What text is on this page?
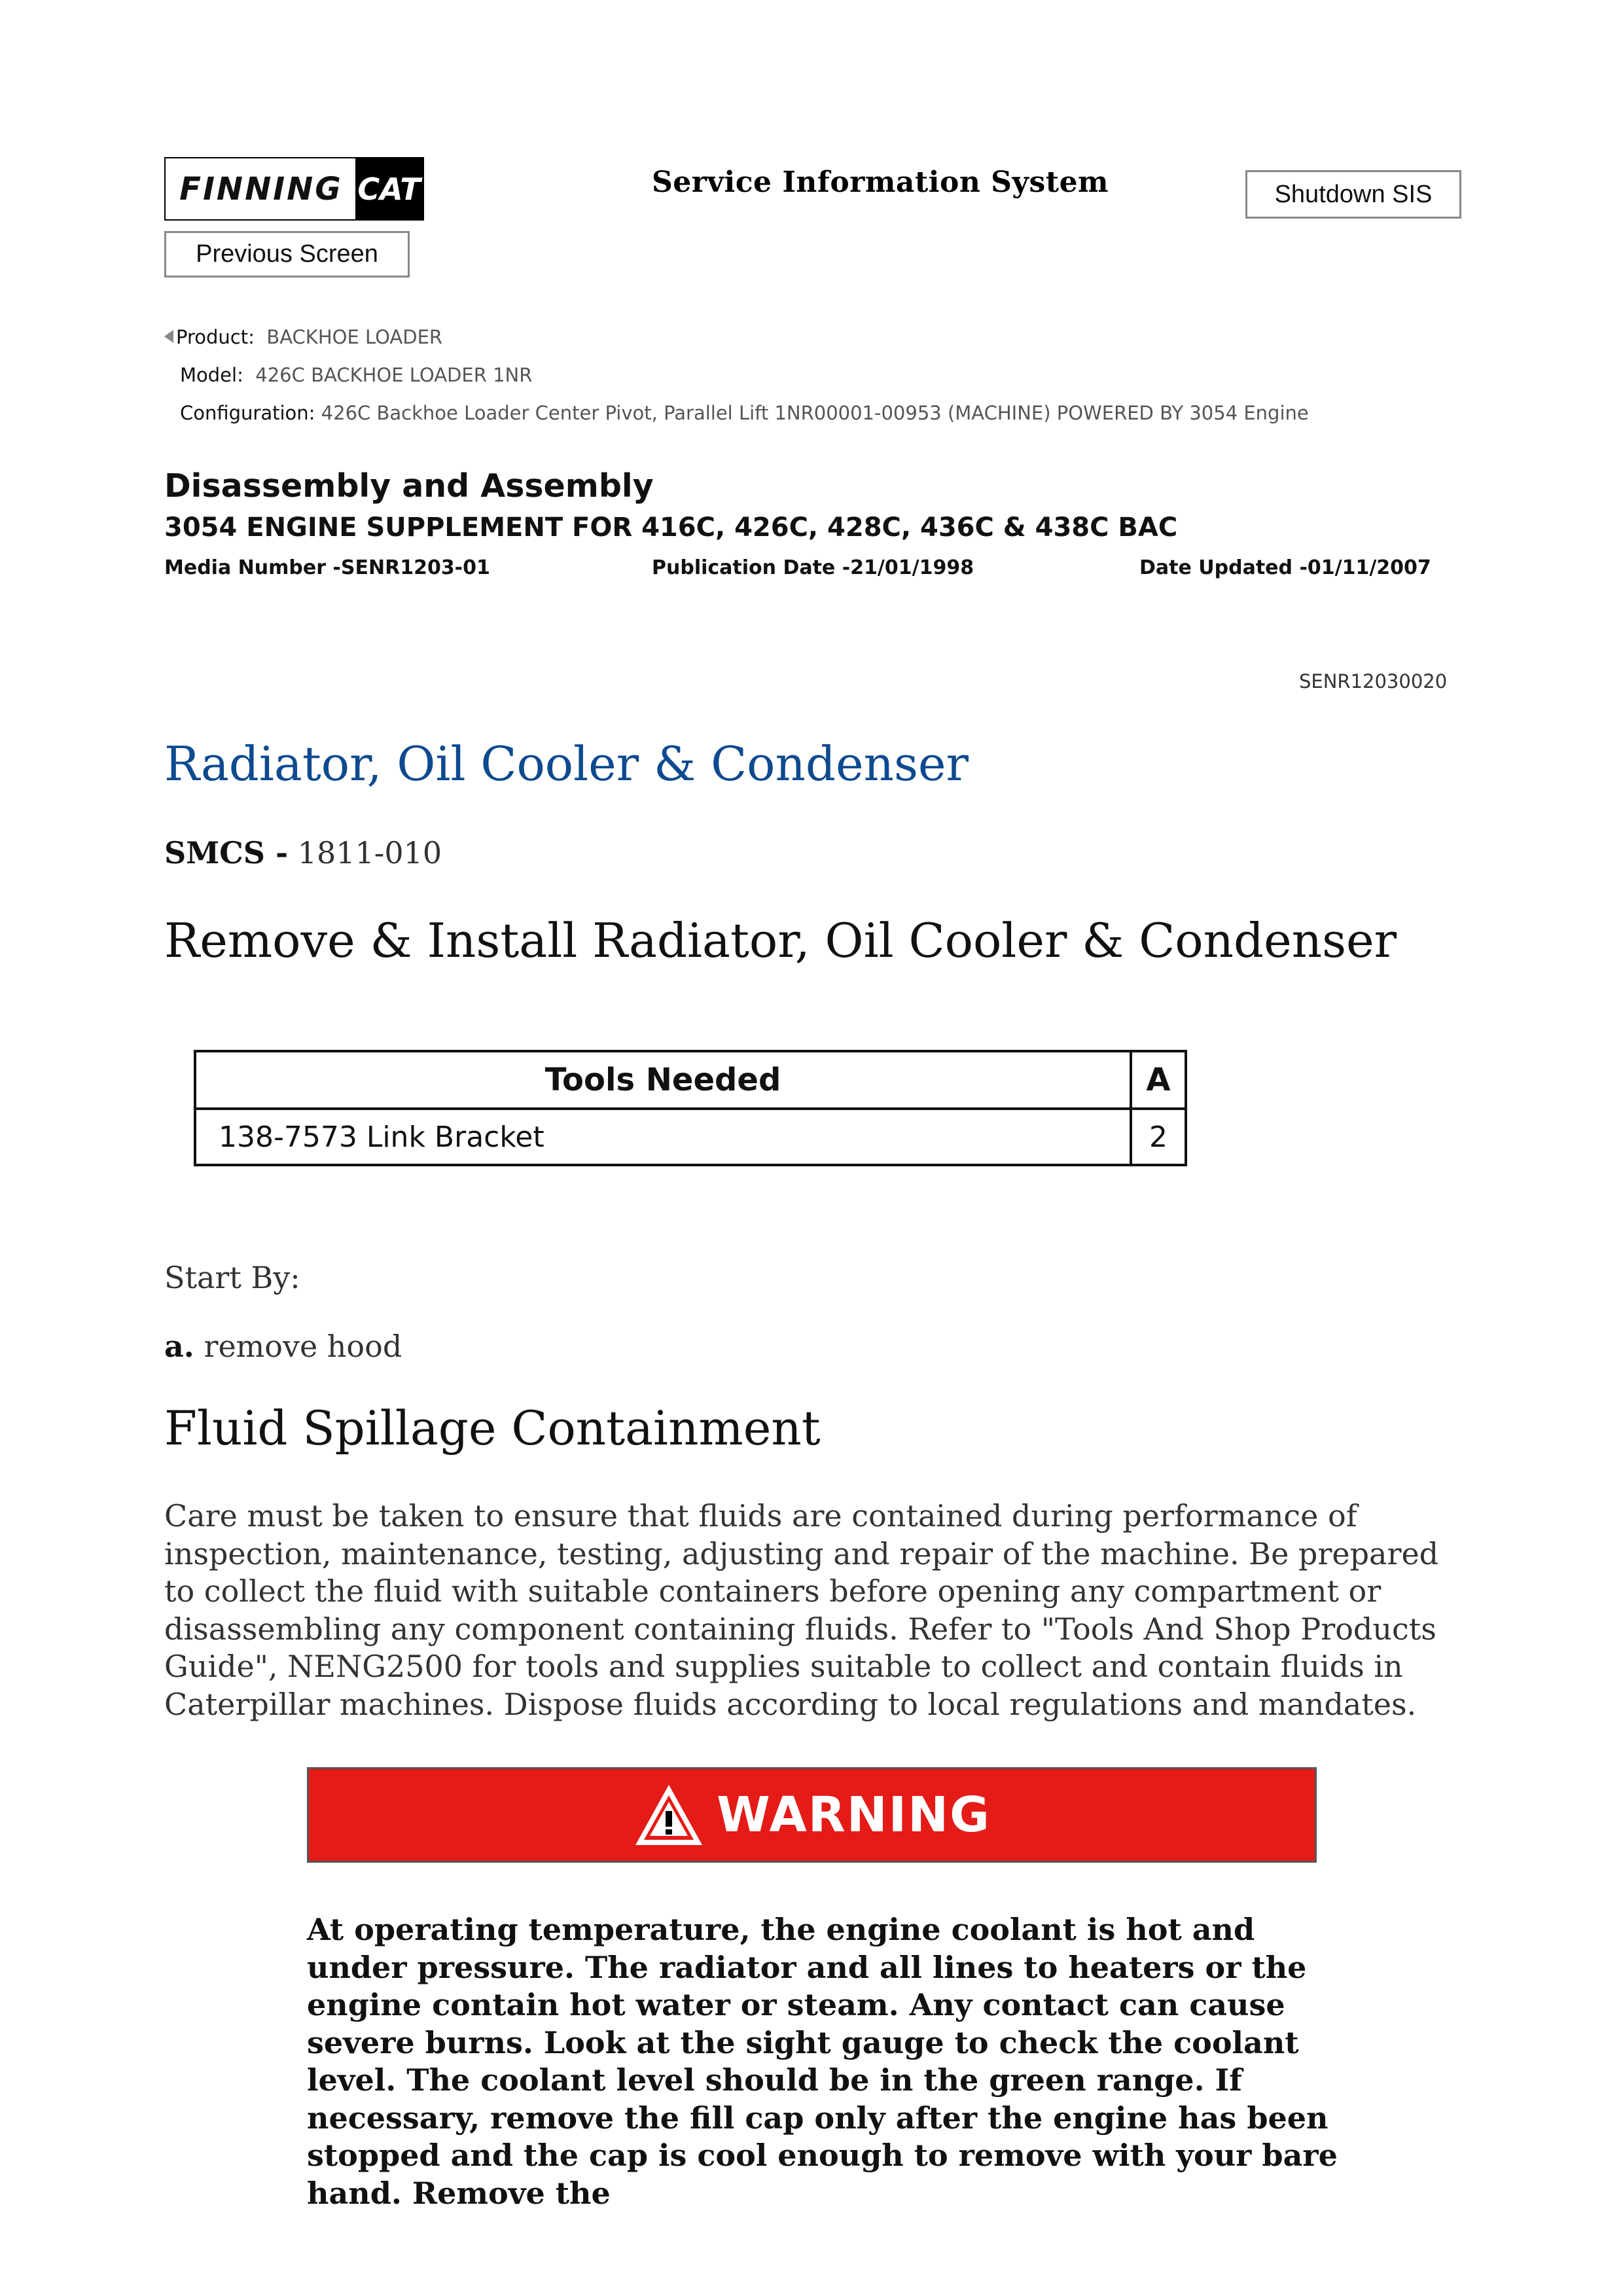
FINNING CAT	Service Information System	Shutdown SIS
Previous Screen
Product: BACKHOE LOADER
Model: 426C BACKHOE LOADER 1NR
Configuration: 426C Backhoe Loader Center Pivot, Parallel Lift 1NR00001-00953 (MACHINE) POWERED BY 3054 Engine
Disassembly and Assembly
3054 ENGINE SUPPLEMENT FOR 416C, 426C, 428C, 436C & 438C BAC
Media Number -SENR1203-01	Publication Date -21/01/1998	Date Updated -01/11/2007
SENR12030020
Radiator, Oil Cooler & Condenser
SMCS - 1811-010
Remove & Install Radiator, Oil Cooler & Condenser
Tools Needed	A
138-7573 Link Bracket	2
Start By:
a. remove hood
Fluid Spillage Containment
Care must be taken to ensure that fluids are contained during performance of inspection, maintenance, testing, adjusting and repair of the machine. Be prepared to collect the fluid with suitable containers before opening any compartment or disassembling any component containing fluids. Refer to "Tools And Shop Products Guide", NENG2500 for tools and supplies suitable to collect and contain fluids in Caterpillar machines. Dispose fluids according to local regulations and mandates.
WARNING
At operating temperature, the engine coolant is hot and under pressure. The radiator and all lines to heaters or the engine contain hot water or steam. Any contact can cause severe burns. Look at the sight gauge to check the coolant level. The coolant level should be in the green range. If necessary, remove the fill cap only after the engine has been stopped and the cap is cool enough to remove with your bare hand. Remove the
